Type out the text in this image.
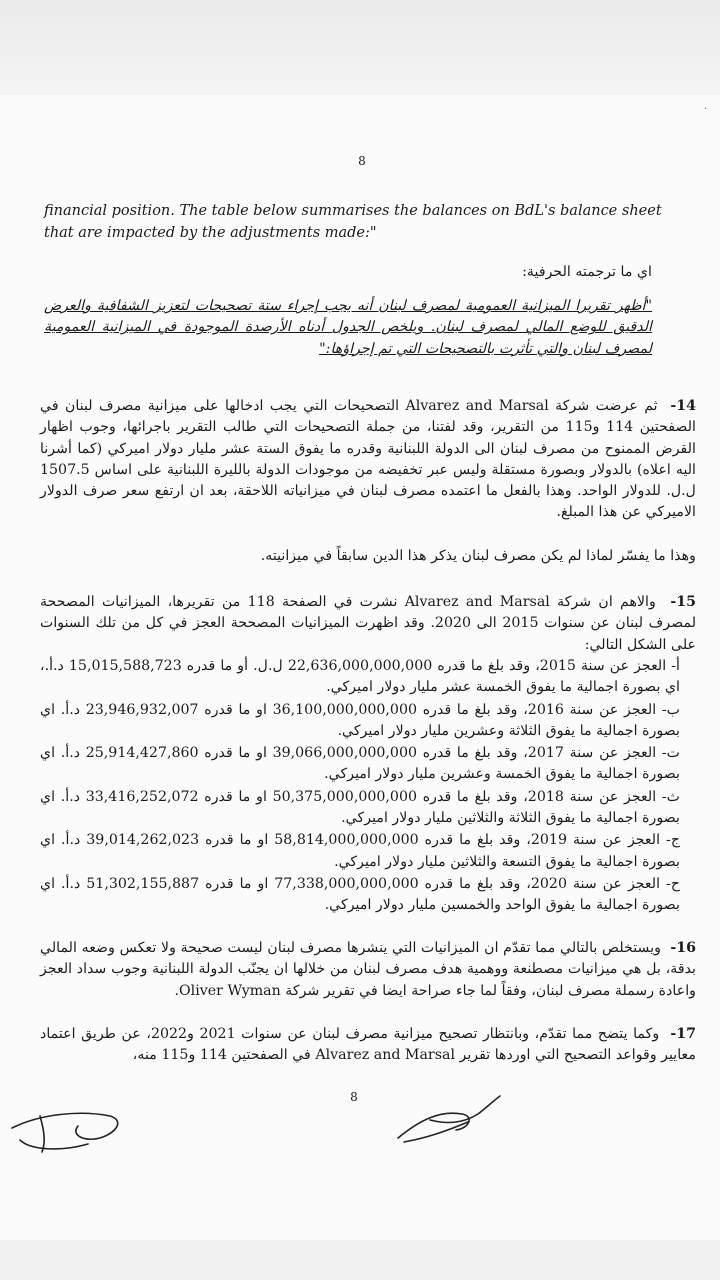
8
financial position. The table below summarises the balances on BdL's balance sheet that are impacted by the adjustments made:"
اي ما ترجمته الحرفية:
"أظهر تقريرا الميزانية العمومية لمصرف لبنان أنه يجب إجراء ستة تصحيحات لتعزيز الشفافية والعرض الدقيق للوضع المالي لمصرف لبنان. ويلخص الجدول أدناه الأرصدة الموجودة في الميزانية العمومية لمصرف لبنان والتي تأثرت بالتصحيحات التي تم إجراؤها:"

14-  ثم عرضت شركة Alvarez and Marsal التصحيحات التي يجب ادخالها على ميزانية مصرف لبنان في الصفحتين 114 و115 من التقرير، وقد لفتنا، من جملة التصحيحات التي طالب التقرير باجرائها، وجوب اظهار القرض الممنوح من مصرف لبنان الى الدولة اللبنانية وقدره ما يفوق الستة عشر مليار دولار اميركي (كما أشرنا اليه اعلاه) بالدولار وبصورة مستقلة وليس عبر تخفيضه من موجودات الدولة بالليرة اللبنانية على اساس 1507.5 ل.ل. للدولار الواحد. وهذا بالفعل ما اعتمده مصرف لبنان في ميزانياته اللاحقة، بعد ان ارتفع سعر صرف الدولار الاميركي عن هذا المبلغ.

وهذا ما يفسّر لماذا لم يكن مصرف لبنان يذكر هذا الدين سابقاً في ميزانيته.

15-  والاهم ان شركة Alvarez and Marsal نشرت في الصفحة 118 من تقريرها، الميزانيات المصححة لمصرف لبنان عن سنوات 2015 الى 2020. وقد اظهرت الميزانيات المصححة العجز في كل من تلك السنوات على الشكل التالي:

أ- العجز عن سنة 2015، وقد بلغ ما قدره 22,636,000,000,000 ل.ل. أو ما قدره 15,015,588,723 د.أ.، اي بصورة اجمالية ما يفوق الخمسة عشر مليار دولار اميركي.

ب- العجز عن سنة 2016، وقد بلغ ما قدره 36,100,000,000,000 او ما قدره 23,946,932,007 د.أ. اي بصورة اجمالية ما يفوق الثلاثة وعشرين مليار دولار اميركي.

ت- العجز عن سنة 2017، وقد بلغ ما قدره 39,066,000,000,000 او ما قدره 25,914,427,860 د.أ. اي بصورة اجمالية ما يفوق الخمسة وعشرين مليار دولار اميركي.

ث- العجز عن سنة 2018، وقد بلغ ما قدره 50,375,000,000,000 او ما قدره 33,416,252,072 د.أ. اي بصورة اجمالية ما يفوق الثلاثة والثلاثين مليار دولار اميركي.

ج- العجز عن سنة 2019، وقد بلغ ما قدره 58,814,000,000,000 او ما قدره 39,014,262,023 د.أ. اي بصورة اجمالية ما يفوق التسعة والثلاثين مليار دولار اميركي.

ح- العجز عن سنة 2020، وقد بلغ ما قدره 77,338,000,000,000 او ما قدره 51,302,155,887 د.أ. اي بصورة اجمالية ما يفوق الواحد والخمسين مليار دولار اميركي.

16-  ويستخلص بالتالي مما تقدّم ان الميزانيات التي ينشرها مصرف لبنان ليست صحيحة ولا تعكس وضعه المالي بدقة، بل هي ميزانيات مصطنعة ووهمية هدف مصرف لبنان من خلالها ان يجنّب الدولة اللبنانية وجوب سداد العجز واعادة رسملة مصرف لبنان، وفقاً لما جاء صراحة ايضا في تقرير شركة Oliver Wyman.

17-  وكما يتضح مما تقدّم، وبانتظار تصحيح ميزانية مصرف لبنان عن سنوات 2021 و2022، عن طريق اعتماد معايير وقواعد التصحيح التي اوردها تقرير Alvarez and Marsal في الصفحتين 114 و115 منه،

8
·
